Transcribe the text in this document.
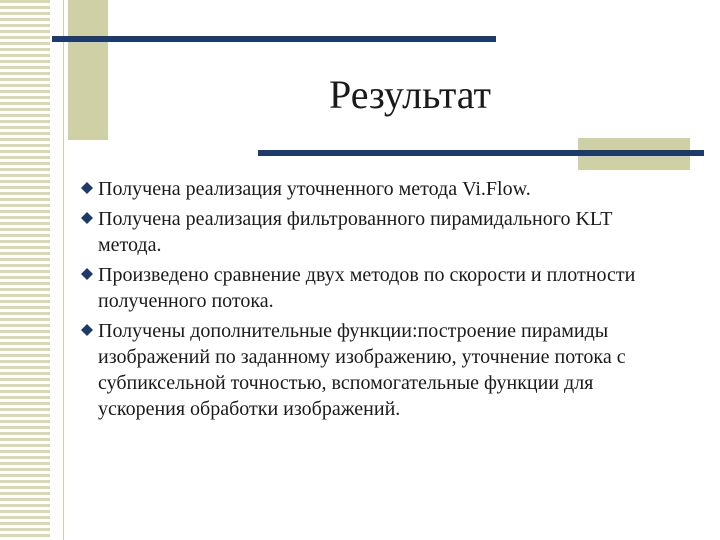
Результат
Получена реализация уточненного метода Vi.Flow.
Получена реализация фильтрованного пирамидального KLT метода.
Произведено сравнение двух методов по скорости и плотности полученного потока.
Получены дополнительные функции:построение пирамиды изображений по заданному изображению, уточнение потока с субпиксельной точностью, вспомогательные функции для ускорения обработки изображений.
